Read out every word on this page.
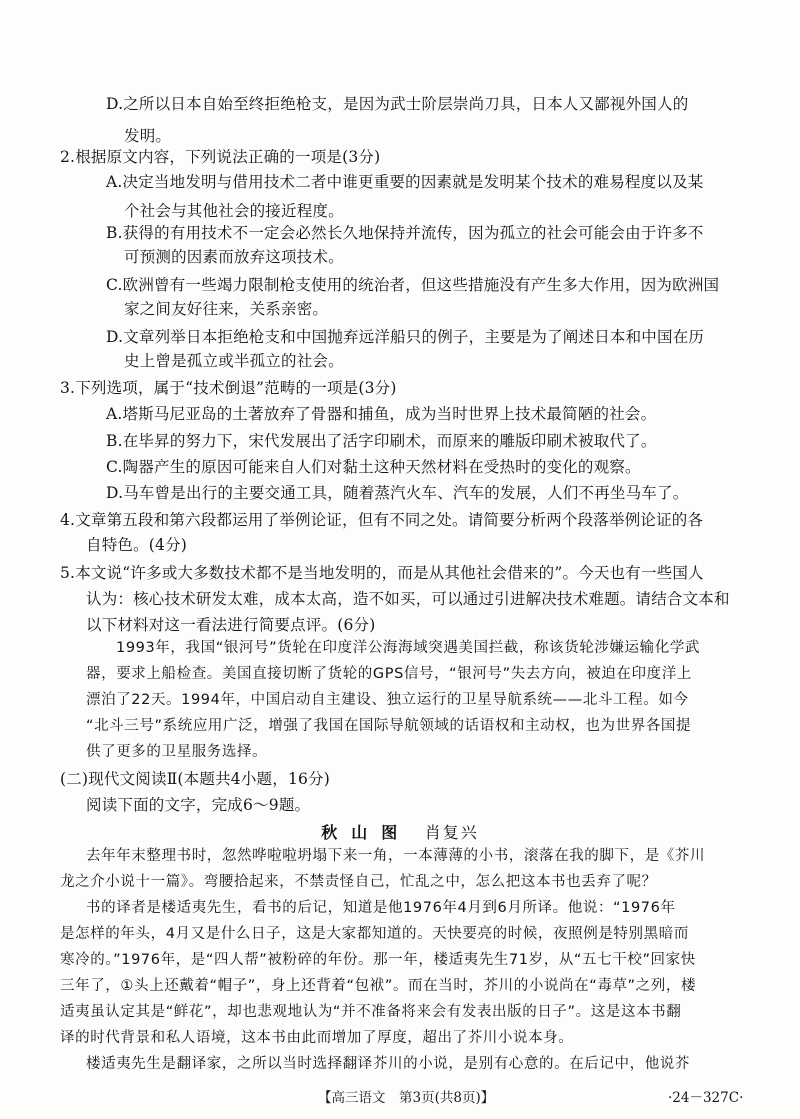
D.之所以日本自始至终拒绝枪支，是因为武士阶层崇尚刀具，日本人又鄙视外国人的
发明。
2.根据原文内容，下列说法正确的一项是(3分)
A.决定当地发明与借用技术二者中谁更重要的因素就是发明某个技术的难易程度以及某
个社会与其他社会的接近程度。
B.获得的有用技术不一定会必然长久地保持并流传，因为孤立的社会可能会由于许多不
可预测的因素而放弃这项技术。
C.欧洲曾有一些竭力限制枪支使用的统治者，但这些措施没有产生多大作用，因为欧洲国
家之间友好往来，关系亲密。
D.文章列举日本拒绝枪支和中国抛弃远洋船只的例子，主要是为了阐述日本和中国在历
史上曾是孤立或半孤立的社会。
3.下列选项，属于“技术倒退”范畴的一项是(3分)
A.塔斯马尼亚岛的土著放弃了骨器和捕鱼，成为当时世界上技术最简陋的社会。
B.在毕昇的努力下，宋代发展出了活字印刷术，而原来的雕版印刷术被取代了。
C.陶器产生的原因可能来自人们对黏土这种天然材料在受热时的变化的观察。
D.马车曾是出行的主要交通工具，随着蒸汽火车、汽车的发展，人们不再坐马车了。
4.文章第五段和第六段都运用了举例论证，但有不同之处。请简要分析两个段落举例论证的各
自特色。(4分)
5.本文说“许多或大多数技术都不是当地发明的，而是从其他社会借来的”。今天也有一些国人
认为：核心技术研发太难，成本太高，造不如买，可以通过引进解决技术难题。请结合文本和
以下材料对这一看法进行简要点评。(6分)
1993年，我国“银河号”货轮在印度洋公海海域突遇美国拦截，称该货轮涉嫌运输化学武
器，要求上船检查。美国直接切断了货轮的GPS信号，“银河号”失去方向，被迫在印度洋上
漂泊了22天。1994年，中国启动自主建设、独立运行的卫星导航系统——北斗工程。如今
“北斗三号”系统应用广泛，增强了我国在国际导航领域的话语权和主动权，也为世界各国提
供了更多的卫星服务选择。
(二)现代文阅读Ⅱ(本题共4小题，16分)
阅读下面的文字，完成6～9题。
秋山图 肖复兴
去年年末整理书时，忽然哗啦啦坍塌下来一角，一本薄薄的小书，滚落在我的脚下，是《芥川
龙之介小说十一篇》。弯腰拾起来，不禁责怪自己，忙乱之中，怎么把这本书也丢弃了呢？
书的译者是楼适夷先生，看书的后记，知道是他1976年4月到6月所译。他说：“1976年
是怎样的年头，4月又是什么日子，这是大家都知道的。天快要亮的时候，夜照例是特别黑暗而
寒冷的。”1976年，是“四人帮”被粉碎的年份。那一年，楼适夷先生71岁，从“五七干校”回家快
三年了，①头上还戴着“帽子”，身上还背着“包袱”。而在当时，芥川的小说尚在“毒草”之列，楼
适夷虽认定其是“鲜花”，却也悲观地认为“并不准备将来会有发表出版的日子”。这是这本书翻
译的时代背景和私人语境，这本书由此而增加了厚度，超出了芥川小说本身。
楼适夷先生是翻译家，之所以当时选择翻译芥川的小说，是别有心意的。在后记中，他说芥
【高三语文　第3页(共8页)】	·24－327C·
